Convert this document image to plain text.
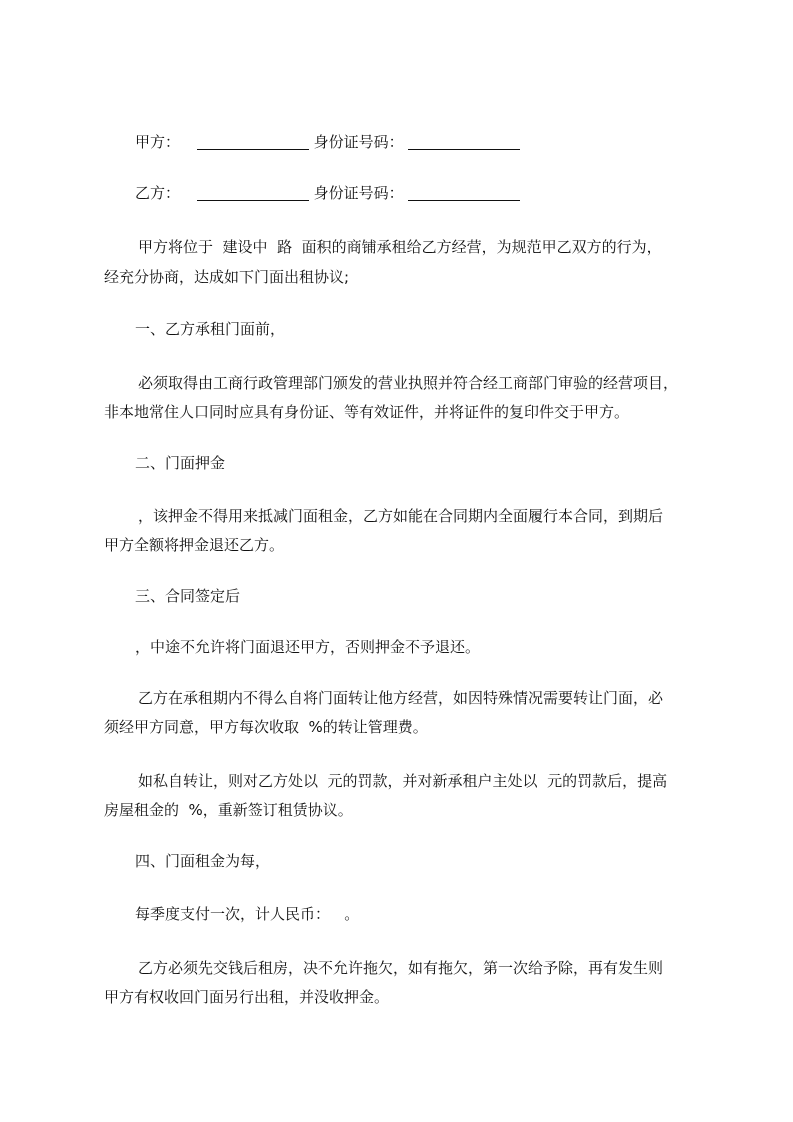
甲方：	身份证号码：
乙方：	身份证号码：
甲方将位于  建设中  路  面积的商铺承租给乙方经营，为规范甲乙双方的行为，
经充分协商，达成如下门面出租协议;
一、乙方承租门面前，
必须取得由工商行政管理部门颁发的营业执照并符合经工商部门审验的经营项目，
非本地常住人口同时应具有身份证、等有效证件，并将证件的复印件交于甲方。
二、门面押金
，该押金不得用来抵减门面租金，乙方如能在合同期内全面履行本合同，到期后
甲方全额将押金退还乙方。
三、合同签定后
，中途不允许将门面退还甲方，否则押金不予退还。
乙方在承租期内不得么自将门面转让他方经营，如因特殊情况需要转让门面，必
须经甲方同意，甲方每次收取  %的转让管理费。
如私自转让，则对乙方处以  元的罚款，并对新承租户主处以  元的罚款后，提高
房屋租金的  %，重新签订租赁协议。
四、门面租金为每，
每季度支付一次，计人民币：   。
乙方必须先交钱后租房，决不允许拖欠，如有拖欠，第一次给予除，再有发生则
甲方有权收回门面另行出租，并没收押金。
